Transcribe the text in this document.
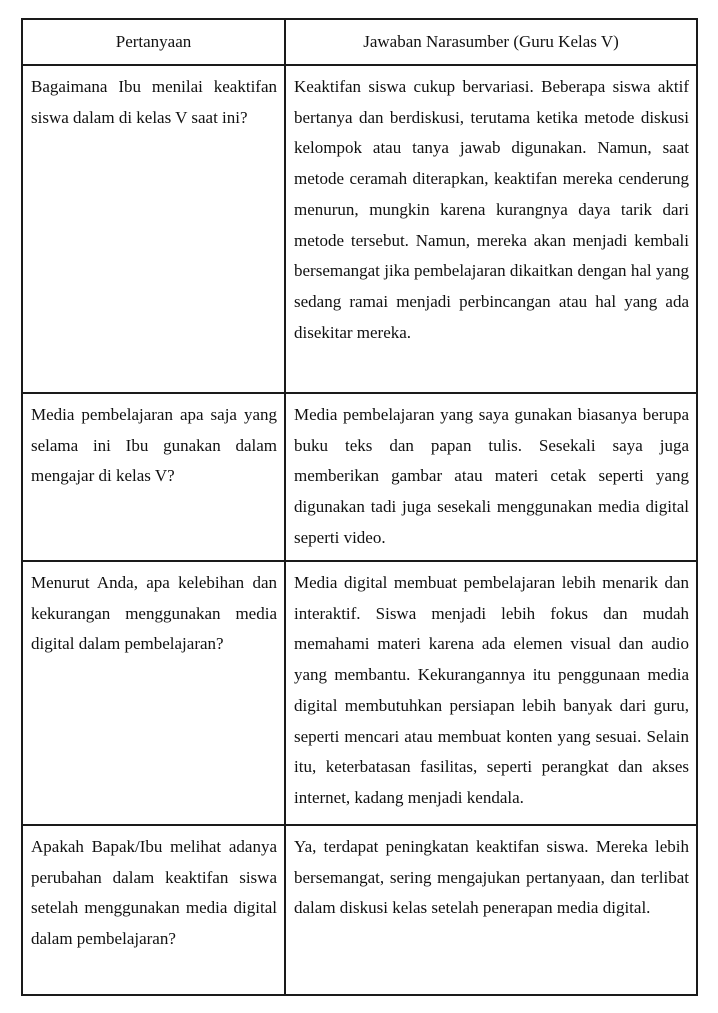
Pertanyaan	Jawaban Narasumber (Guru Kelas V)

Bagaimana Ibu menilai keaktifan siswa dalam di kelas V saat ini?	Keaktifan siswa cukup bervariasi. Beberapa siswa aktif bertanya dan berdiskusi, terutama ketika metode diskusi kelompok atau tanya jawab digunakan. Namun, saat metode ceramah diterapkan, keaktifan mereka cenderung menurun, mungkin karena kurangnya daya tarik dari metode tersebut. Namun, mereka akan menjadi kembali bersemangat jika pembelajaran dikaitkan dengan hal yang sedang ramai menjadi perbincangan atau hal yang ada disekitar mereka.

Media pembelajaran apa saja yang selama ini Ibu gunakan dalam mengajar di kelas V?	Media pembelajaran yang saya gunakan biasanya berupa buku teks dan papan tulis. Sesekali saya juga memberikan gambar atau materi cetak seperti yang digunakan tadi juga sesekali menggunakan media digital seperti video.

Menurut Anda, apa kelebihan dan kekurangan menggunakan media digital dalam pembelajaran?	Media digital membuat pembelajaran lebih menarik dan interaktif. Siswa menjadi lebih fokus dan mudah memahami materi karena ada elemen visual dan audio yang membantu. Kekurangannya itu penggunaan media digital membutuhkan persiapan lebih banyak dari guru, seperti mencari atau membuat konten yang sesuai. Selain itu, keterbatasan fasilitas, seperti perangkat dan akses internet, kadang menjadi kendala.

Apakah Bapak/Ibu melihat adanya perubahan dalam keaktifan siswa setelah menggunakan media digital dalam pembelajaran?	Ya, terdapat peningkatan keaktifan siswa. Mereka lebih bersemangat, sering mengajukan pertanyaan, dan terlibat dalam diskusi kelas setelah penerapan media digital.
